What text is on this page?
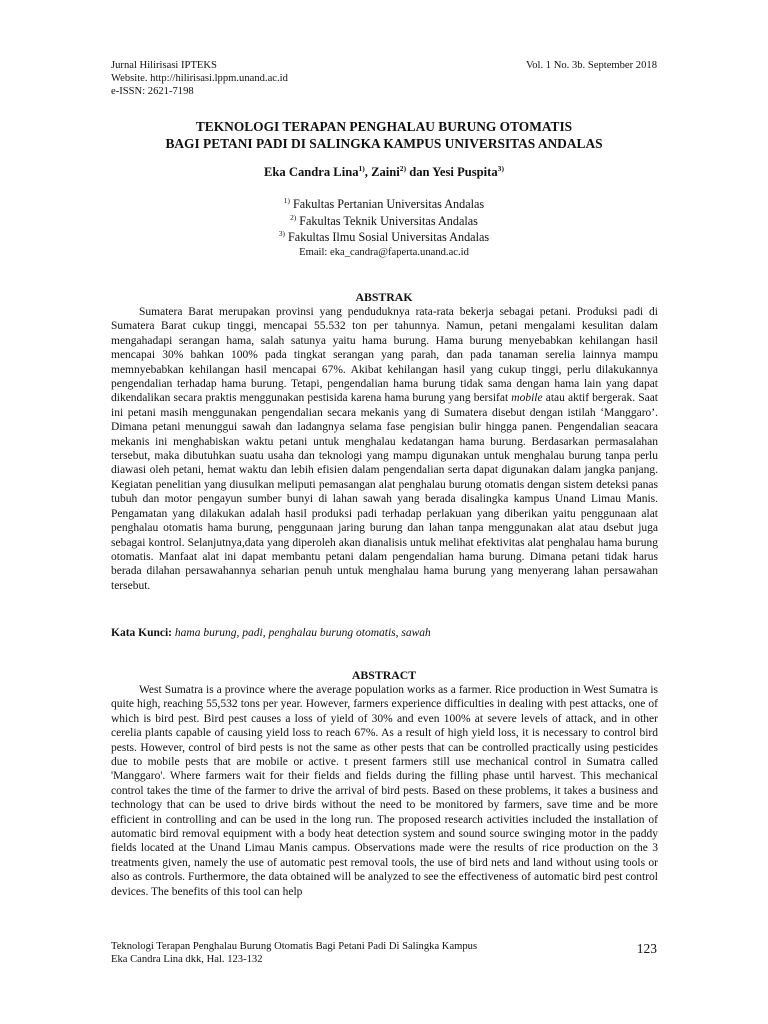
Jurnal Hilirisasi IPTEKS
Website. http://hilirisasi.lppm.unand.ac.id
e-ISSN: 2621-7198
Vol. 1 No. 3b. September 2018
TEKNOLOGI TERAPAN PENGHALAU BURUNG OTOMATIS
BAGI PETANI PADI DI SALINGKA KAMPUS UNIVERSITAS ANDALAS
Eka Candra Lina$^{1)}$, Zaini$^{2)}$ dan Yesi Puspita$^{3)}$
$^{1)}$ Fakultas Pertanian Universitas Andalas
$^{2)}$ Fakultas Teknik Universitas Andalas
$^{3)}$ Fakultas Ilmu Sosial Universitas Andalas
Email: eka_candra@faperta.unand.ac.id
ABSTRAK

Sumatera Barat merupakan provinsi yang penduduknya rata-rata bekerja sebagai petani. Produksi padi di Sumatera Barat cukup tinggi, mencapai 55.532 ton per tahunnya. Namun, petani mengalami kesulitan dalam mengahadapi serangan hama, salah satunya yaitu hama burung. Hama burung menyebabkan kehilangan hasil mencapai 30% bahkan 100% pada tingkat serangan yang parah, dan pada tanaman serelia lainnya mampu memnyebabkan kehilangan hasil mencapai 67%. Akibat kehilangan hasil yang cukup tinggi, perlu dilakukannya pengendalian terhadap hama burung. Tetapi, pengendalian hama burung tidak sama dengan hama lain yang dapat dikendalikan secara praktis menggunakan pestisida karena hama burung yang bersifat mobile atau aktif bergerak. Saat ini petani masih menggunakan pengendalian secara mekanis yang di Sumatera disebut dengan istilah ‘Manggaro’. Dimana petani menunggui sawah dan ladangnya selama fase pengisian bulir hingga panen. Pengendalian seacara mekanis ini menghabiskan waktu petani untuk menghalau kedatangan hama burung. Berdasarkan permasalahan tersebut, maka dibutuhkan suatu usaha dan teknologi yang mampu digunakan untuk menghalau burung tanpa perlu diawasi oleh petani, hemat waktu dan lebih efisien dalam pengendalian serta dapat digunakan dalam jangka panjang. Kegiatan penelitian yang diusulkan meliputi pemasangan alat penghalau burung otomatis dengan sistem deteksi panas tubuh dan motor pengayun sumber bunyi di lahan sawah yang berada disalingka kampus Unand Limau Manis. Pengamatan yang dilakukan adalah hasil produksi padi terhadap perlakuan yang diberikan yaitu penggunaan alat penghalau otomatis hama burung, penggunaan jaring burung dan lahan tanpa menggunakan alat atau dsebut juga sebagai kontrol. Selanjutnya,data yang diperoleh akan dianalisis untuk melihat efektivitas alat penghalau hama burung otomatis. Manfaat alat ini dapat membantu petani dalam pengendalian hama burung. Dimana petani tidak harus berada dilahan persawahannya seharian penuh untuk menghalau hama burung yang menyerang lahan persawahan tersebut.

Kata Kunci: hama burung, padi, penghalau burung otomatis, sawah
ABSTRACT

West Sumatra is a province where the average population works as a farmer. Rice production in West Sumatra is quite high, reaching 55,532 tons per year. However, farmers experience difficulties in dealing with pest attacks, one of which is bird pest. Bird pest causes a loss of yield of 30% and even 100% at severe levels of attack, and in other cerelia plants capable of causing yield loss to reach 67%. As a result of high yield loss, it is necessary to control bird pests. However, control of bird pests is not the same as other pests that can be controlled practically using pesticides due to mobile pests that are mobile or active. t present farmers still use mechanical control in Sumatra called 'Manggaro'. Where farmers wait for their fields and fields during the filling phase until harvest. This mechanical control takes the time of the farmer to drive the arrival of bird pests. Based on these problems, it takes a business and technology that can be used to drive birds without the need to be monitored by farmers, save time and be more efficient in controlling and can be used in the long run. The proposed research activities included the installation of automatic bird removal equipment with a body heat detection system and sound source swinging motor in the paddy fields located at the Unand Limau Manis campus. Observations made were the results of rice production on the 3 treatments given, namely the use of automatic pest removal tools, the use of bird nets and land without using tools or also as controls. Furthermore, the data obtained will be analyzed to see the effectiveness of automatic bird pest control devices. The benefits of this tool can help

Teknologi Terapan Penghalau Burung Otomatis Bagi Petani Padi Di Salingka Kampus
Eka Candra Lina dkk, Hal. 123-132
123
